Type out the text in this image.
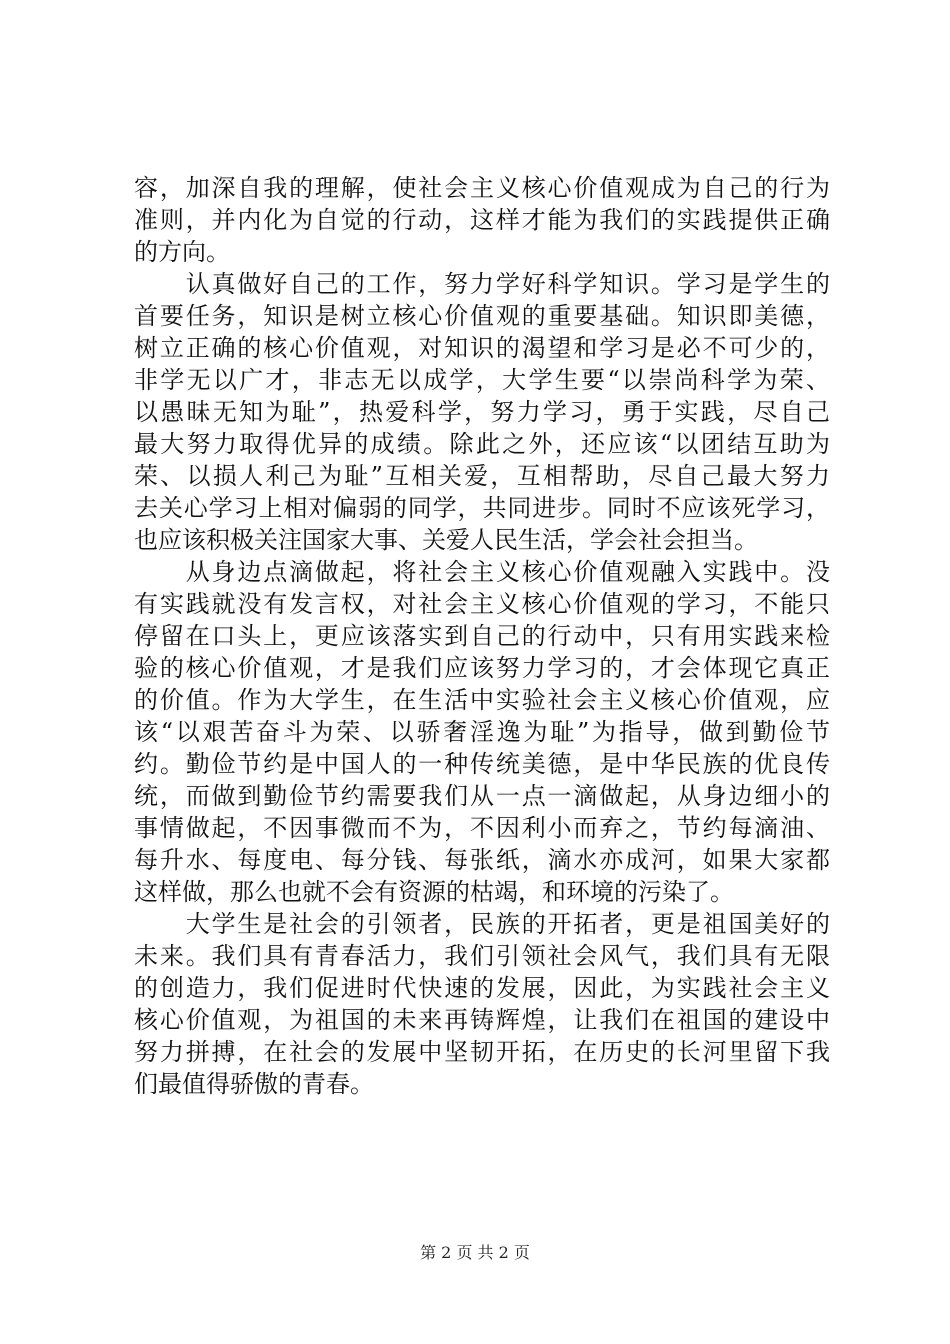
容，加深自我的理解，使社会主义核心价值观成为自己的行为
准则，并内化为自觉的行动，这样才能为我们的实践提供正确
的方向。
　　认真做好自己的工作，努力学好科学知识。学习是学生的
首要任务，知识是树立核心价值观的重要基础。知识即美德，
树立正确的核心价值观，对知识的渴望和学习是必不可少的，
非学无以广才，非志无以成学，大学生要“以崇尚科学为荣、
以愚昧无知为耻”，热爱科学，努力学习，勇于实践，尽自己
最大努力取得优异的成绩。除此之外，还应该“以团结互助为
荣、以损人利己为耻”互相关爱，互相帮助，尽自己最大努力
去关心学习上相对偏弱的同学，共同进步。同时不应该死学习，
也应该积极关注国家大事、关爱人民生活，学会社会担当。
　　从身边点滴做起，将社会主义核心价值观融入实践中。没
有实践就没有发言权，对社会主义核心价值观的学习，不能只
停留在口头上，更应该落实到自己的行动中，只有用实践来检
验的核心价值观，才是我们应该努力学习的，才会体现它真正
的价值。作为大学生，在生活中实验社会主义核心价值观，应
该“以艰苦奋斗为荣、以骄奢淫逸为耻”为指导，做到勤俭节
约。勤俭节约是中国人的一种传统美德，是中华民族的优良传
统，而做到勤俭节约需要我们从一点一滴做起，从身边细小的
事情做起，不因事微而不为，不因利小而弃之，节约每滴油、
每升水、每度电、每分钱、每张纸，滴水亦成河，如果大家都
这样做，那么也就不会有资源的枯竭，和环境的污染了。
　　大学生是社会的引领者，民族的开拓者，更是祖国美好的
未来。我们具有青春活力，我们引领社会风气，我们具有无限
的创造力，我们促进时代快速的发展，因此，为实践社会主义
核心价值观，为祖国的未来再铸辉煌，让我们在祖国的建设中
努力拼搏，在社会的发展中坚韧开拓，在历史的长河里留下我
们最值得骄傲的青春。
第 2 页 共 2 页
